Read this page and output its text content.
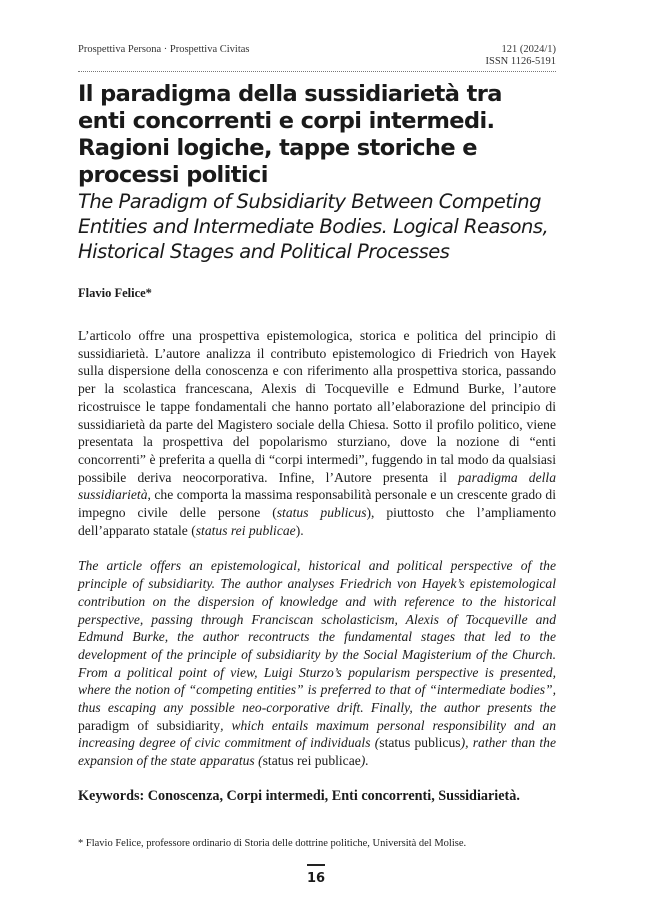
Prospettiva Persona · Prospettiva Civitas	121 (2024/1)
ISSN 1126-5191
Il paradigma della sussidiarietà tra enti concorrenti e corpi intermedi. Ragioni logiche, tappe storiche e processi politici
The Paradigm of Subsidiarity Between Competing Entities and Intermediate Bodies. Logical Reasons, Historical Stages and Political Processes
Flavio Felice*

L’articolo offre una prospettiva epistemologica, storica e politica del principio di sussidiarietà. L’autore analizza il contributo epistemologico di Friedrich von Hayek sulla dispersione della conoscenza e con riferimento alla prospettiva storica, passando per la scolastica francescana, Alexis di Tocqueville e Edmund Burke, l’autore ricostruisce le tappe fondamentali che hanno portato all’elaborazione del principio di sussidiarietà da parte del Magistero sociale della Chiesa. Sotto il profilo politico, viene presentata la prospettiva del popolarismo sturziano, dove la nozione di “enti concorrenti” è preferita a quella di “corpi intermedi”, fuggendo in tal modo da qualsiasi possibile deriva neocorporativa. Infine, l’Autore presenta il paradigma della sussidiarietà, che comporta la massima responsabilità personale e un crescente grado di impegno civile delle persone (status publicus), piuttosto che l’ampliamento dell’apparato statale (status rei publicae).

The article offers an epistemological, historical and political perspective of the principle of subsidiarity. The author analyses Friedrich von Hayek’s epistemological contribution on the dispersion of knowledge and with reference to the historical perspective, passing through Franciscan scholasticism, Alexis of Tocqueville and Edmund Burke, the author recontructs the fundamental stages that led to the development of the principle of subsidiarity by the Social Magisterium of the Church. From a political point of view, Luigi Sturzo’s popularism perspective is presented, where the notion of “competing entities” is preferred to that of “intermediate bodies”, thus escaping any possible neo-corporative drift. Finally, the author presents the paradigm of subsidiarity, which entails maximum personal responsibility and an increasing degree of civic commitment of individuals (status publicus), rather than the expansion of the state apparatus (status rei publicae).

Keywords: Conoscenza, Corpi intermedi, Enti concorrenti, Sussidiarietà.
* Flavio Felice, professore ordinario di Storia delle dottrine politiche, Università del Molise.
16
